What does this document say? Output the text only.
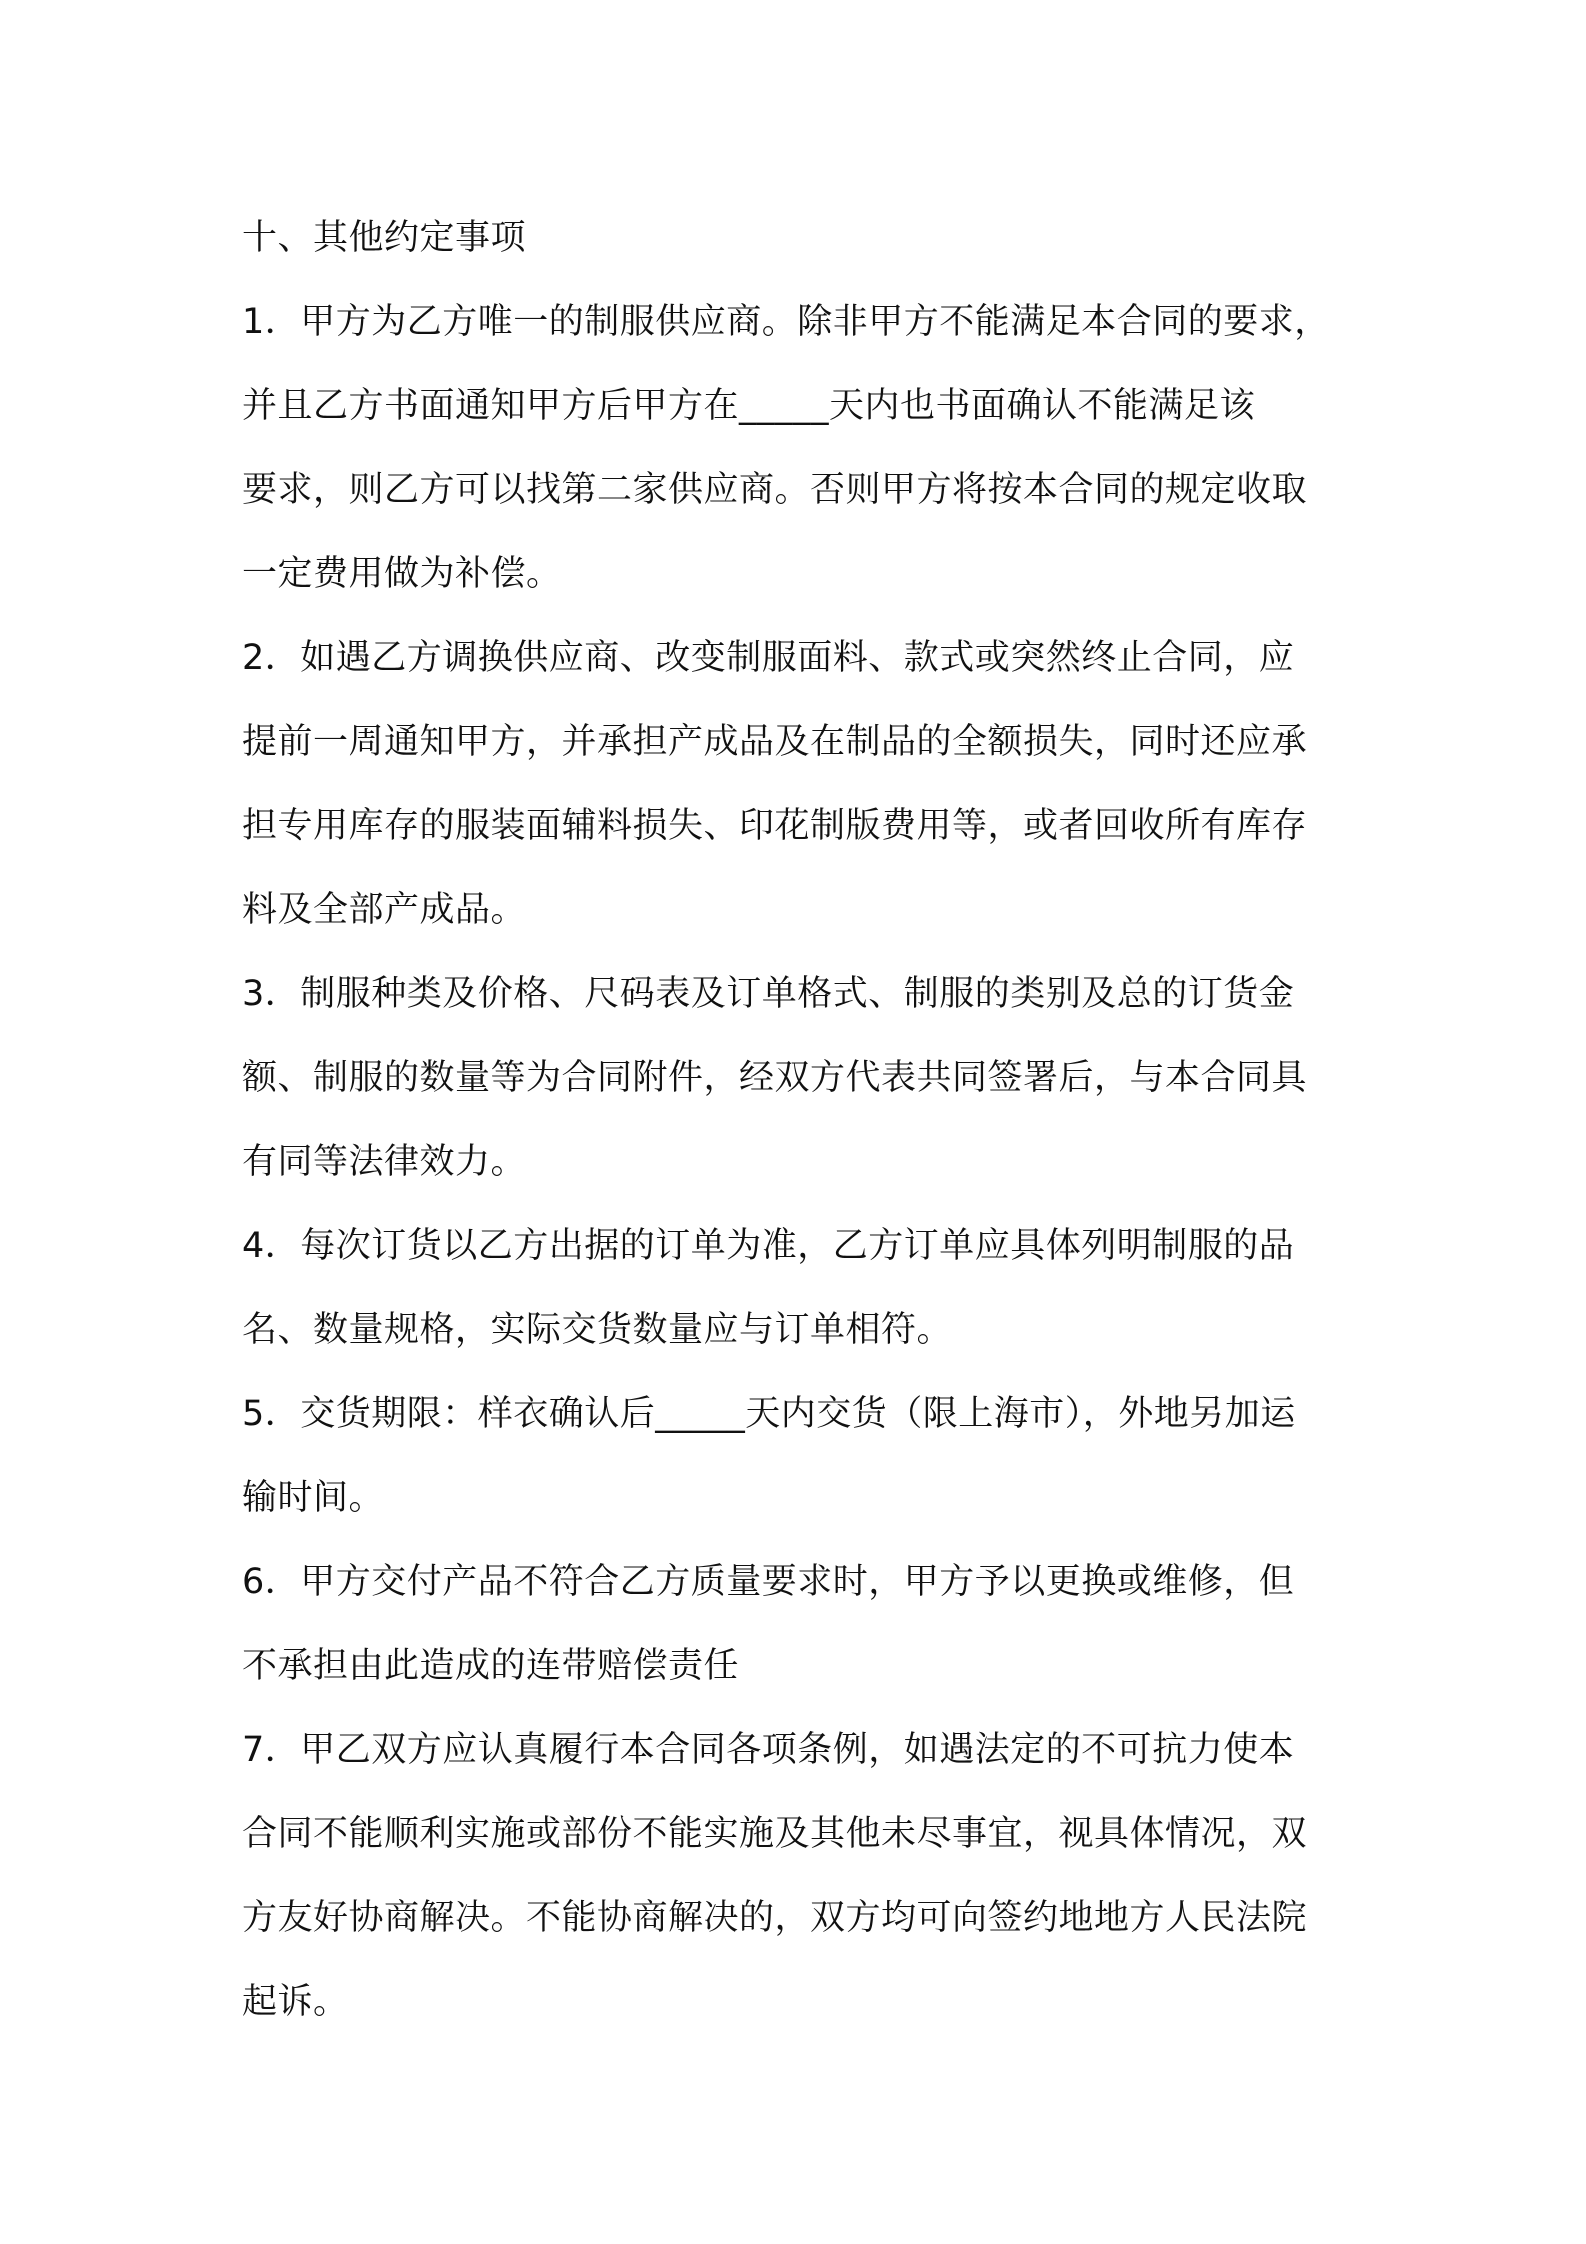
十、其他约定事项
1．甲方为乙方唯一的制服供应商。除非甲方不能满足本合同的要求，
并且乙方书面通知甲方后甲方在_____天内也书面确认不能满足该
要求，则乙方可以找第二家供应商。否则甲方将按本合同的规定收取
一定费用做为补偿。
2．如遇乙方调换供应商、改变制服面料、款式或突然终止合同，应
提前一周通知甲方，并承担产成品及在制品的全额损失，同时还应承
担专用库存的服装面辅料损失、印花制版费用等，或者回收所有库存
料及全部产成品。
3．制服种类及价格、尺码表及订单格式、制服的类别及总的订货金
额、制服的数量等为合同附件，经双方代表共同签署后，与本合同具
有同等法律效力。
4．每次订货以乙方出据的订单为准，乙方订单应具体列明制服的品
名、数量规格，实际交货数量应与订单相符。
5．交货期限：样衣确认后_____天内交货（限上海市），外地另加运
输时间。
6．甲方交付产品不符合乙方质量要求时，甲方予以更换或维修，但
不承担由此造成的连带赔偿责任
7．甲乙双方应认真履行本合同各项条例，如遇法定的不可抗力使本
合同不能顺利实施或部份不能实施及其他未尽事宜，视具体情况，双
方友好协商解决。不能协商解决的，双方均可向签约地地方人民法院
起诉。
